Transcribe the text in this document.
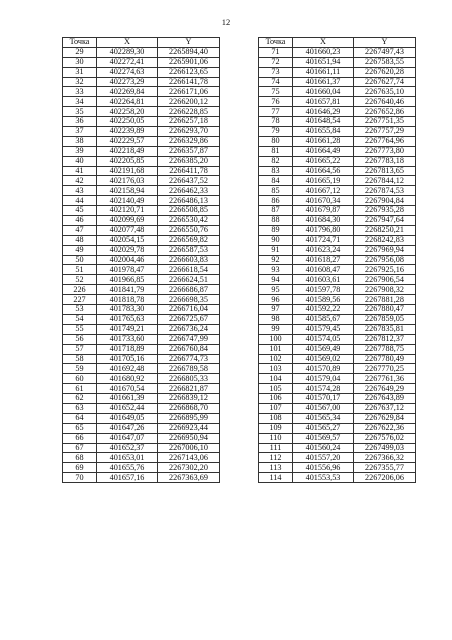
12
Точка	X	Y
29	402289,30	2265894,40
30	402272,41	2265901,06
31	402274,63	2266123,65
32	402273,29	2266141,78
33	402269,84	2266171,06
34	402264,81	2266200,12
35	402258,20	2266228,85
36	402250,05	2266257,18
37	402239,89	2266293,70
38	402229,57	2266329,86
39	402218,49	2266357,87
40	402205,85	2266385,20
41	402191,68	2266411,78
42	402176,03	2266437,52
43	402158,94	2266462,33
44	402140,49	2266486,13
45	402120,71	2266508,85
46	402099,69	2266530,42
47	402077,48	2266550,76
48	402054,15	2266569,82
49	402029,78	2266587,53
50	402004,46	2266603,83
51	401978,47	2266618,54
52	401966,85	2266624,51
226	401841,79	2266686,87
227	401818,78	2266698,35
53	401783,30	2266716,04
54	401765,63	2266725,67
55	401749,21	2266736,24
56	401733,60	2266747,99
57	401718,89	2266760,84
58	401705,16	2266774,73
59	401692,48	2266789,58
60	401680,92	2266805,33
61	401670,54	2266821,87
62	401661,39	2266839,12
63	401652,44	2266868,70
64	401649,05	2266895,99
65	401647,26	2266923,44
66	401647,07	2266950,94
67	401652,37	2267006,10
68	401653,01	2267143,06
69	401655,76	2267302,20
70	401657,16	2267363,69
Точка	X	Y
71	401660,23	2267497,43
72	401651,94	2267583,55
73	401661,11	2267620,28
74	401661,37	2267627,74
75	401660,04	2267635,10
76	401657,81	2267640,46
77	401646,29	2267652,86
78	401648,54	2267751,35
79	401655,84	2267757,29
80	401661,28	2267764,96
81	401664,49	2267773,80
82	401665,22	2267783,18
83	401664,56	2267813,65
84	401665,19	2267844,12
85	401667,12	2267874,53
86	401670,34	2267904,84
87	401679,87	2267935,28
88	401684,30	2267947,64
89	401796,80	2268250,21
90	401724,71	2268242,83
91	401623,24	2267969,94
92	401618,27	2267956,08
93	401608,47	2267925,16
94	401603,61	2267906,54
95	401597,78	2267908,32
96	401589,56	2267881,28
97	401592,22	2267880,47
98	401585,67	2267859,05
99	401579,45	2267835,81
100	401574,05	2267812,37
101	401569,49	2267788,75
102	401569,02	2267780,49
103	401570,89	2267770,25
104	401579,04	2267761,36
105	401574,28	2267649,29
106	401570,17	2267643,89
107	401567,00	2267637,12
108	401565,34	2267629,84
109	401565,27	2267622,36
110	401569,57	2267576,02
111	401560,24	2267499,03
112	401557,20	2267366,32
113	401556,96	2267355,77
114	401553,53	2267206,06
